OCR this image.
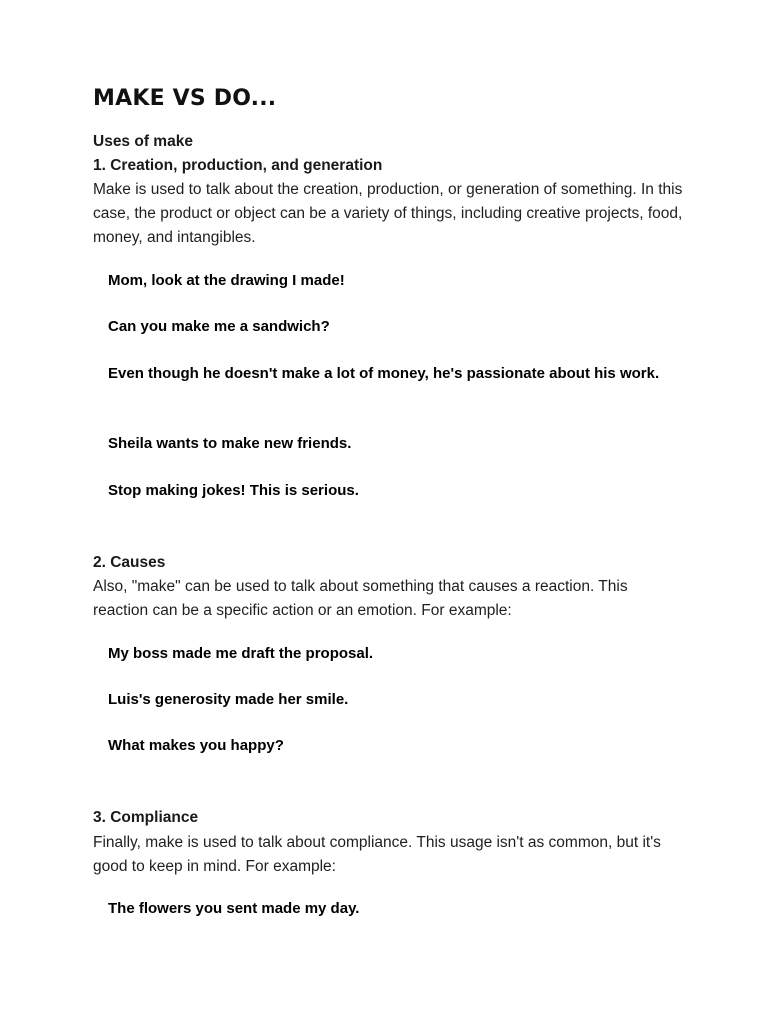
MAKE VS DO...

Uses of make

1. Creation, production, and generation

Make is used to talk about the creation, production, or generation of something. In this case, the product or object can be a variety of things, including creative projects, food, money, and intangibles.

Mom, look at the drawing I made!

Can you make me a sandwich?

Even though he doesn't make a lot of money, he's passionate about his work.

Sheila wants to make new friends.

Stop making jokes! This is serious.

2. Causes

Also, "make" can be used to talk about something that causes a reaction. This reaction can be a specific action or an emotion. For example:

My boss made me draft the proposal.

Luis's generosity made her smile.

What makes you happy?

3. Compliance

Finally, make is used to talk about compliance. This usage isn't as common, but it's good to keep in mind. For example:

The flowers you sent made my day.
